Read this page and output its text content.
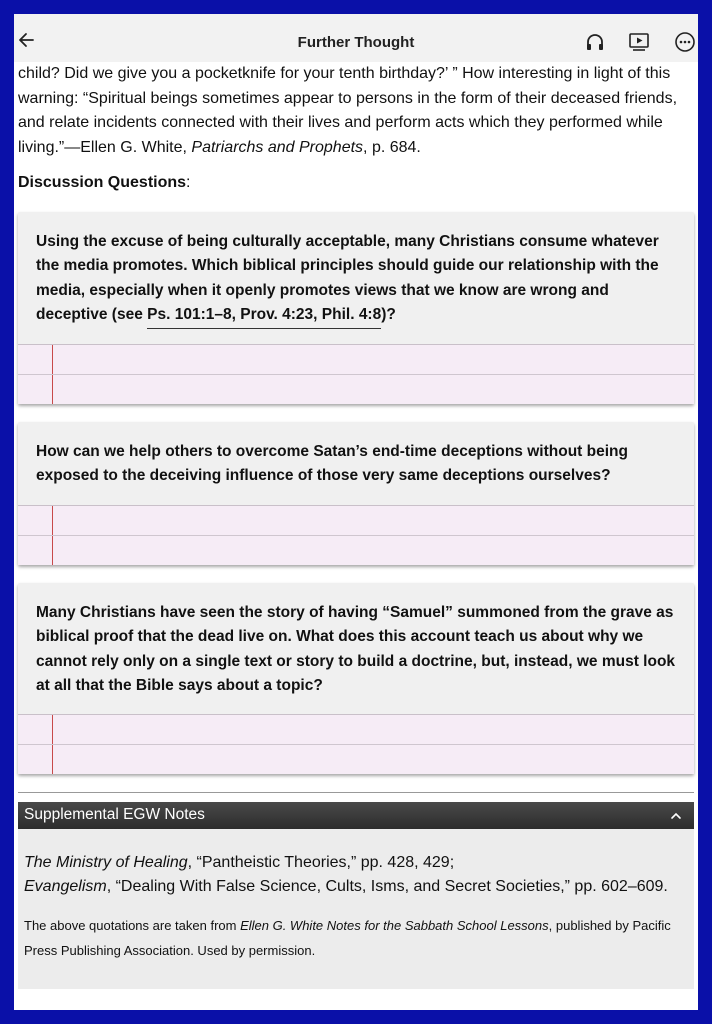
Further Thought
child? Did we give you a pocketknife for your tenth birthday?’ ” How interesting in light of this warning: “Spiritual beings sometimes appear to persons in the form of their deceased friends, and relate incidents connected with their lives and perform acts which they performed while living.”—Ellen G. White, Patriarchs and Prophets, p. 684.
Discussion Questions:
Using the excuse of being culturally acceptable, many Christians consume whatever the media promotes. Which biblical principles should guide our relationship with the media, especially when it openly promotes views that we know are wrong and deceptive (see Ps. 101:1–8, Prov. 4:23, Phil. 4:8)?
How can we help others to overcome Satan’s end-time deceptions without being exposed to the deceiving influence of those very same deceptions ourselves?
Many Christians have seen the story of having “Samuel” summoned from the grave as biblical proof that the dead live on. What does this account teach us about why we cannot rely only on a single text or story to build a doctrine, but, instead, we must look at all that the Bible says about a topic?
Supplemental EGW Notes
The Ministry of Healing, “Pantheistic Theories,” pp. 428, 429;
Evangelism, “Dealing With False Science, Cults, Isms, and Secret Societies,” pp. 602–609.
The above quotations are taken from Ellen G. White Notes for the Sabbath School Lessons, published by Pacific Press Publishing Association. Used by permission.
